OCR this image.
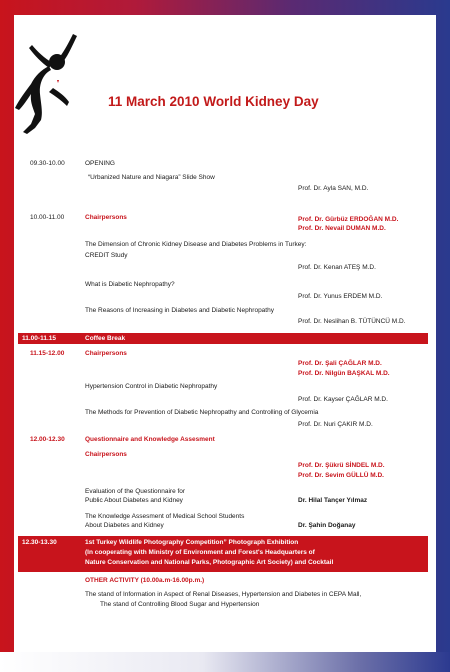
11 March 2010 World Kidney Day
09.30-10.00	OPENING
“Urbanized Nature and Niagara” Slide Show
Prof. Dr. Ayla SAN, M.D.
10.00-11.00	Chairpersons	Prof. Dr. Gürbüz ERDOĞAN M.D.
Prof. Dr. Nevail DUMAN M.D.
The Dimension of Chronic Kidney Disease and Diabetes Problems in Turkey:
CREDIT Study
Prof. Dr. Kenan ATEŞ M.D.
What is Diabetic Nephropathy?
Prof. Dr. Yunus ERDEM M.D.
The Reasons of Increasing in Diabetes and Diabetic Nephropathy
Prof. Dr. Neslihan B. TÜTÜNCÜ M.D.
11.00-11.15	Coffee Break
11.15-12.00	Chairpersons
Prof. Dr. Şali ÇAĞLAR M.D.
Prof. Dr. Nilgün BAŞKAL M.D.
Hypertension Control in Diabetic Nephropathy
Prof. Dr. Kayser ÇAĞLAR M.D.
The Methods for Prevention of Diabetic Nephropathy and Controlling of Glycemia
Prof. Dr. Nuri ÇAKIR M.D.
12.00-12.30	Questionnaire and Knowledge Assesment
Chairpersons
Prof. Dr. Şükrü SİNDEL M.D.
Prof. Dr. Sevim GÜLLÜ M.D.
Evaluation of the Questionnaire for
Public About Diabetes and Kidney	Dr. Hilal Tançer Yılmaz
The Knowledge Assesment of Medical School Students
About Diabetes and Kidney	Dr. Şahin Doğanay
12.30-13.30	1st Turkey Wildlife Photography Competition” Photograph Exhibition
(In cooperating with Ministry of Environment and Forest's Headquarters of
Nature Conservation and National Parks, Photographic Art Society) and Cocktail
OTHER ACTIVITY (10.00a.m-16.00p.m.)
The stand of Information in Aspect of Renal Diseases, Hypertension and Diabetes in CEPA Mall,
The stand of Controlling Blood Sugar and Hypertension
